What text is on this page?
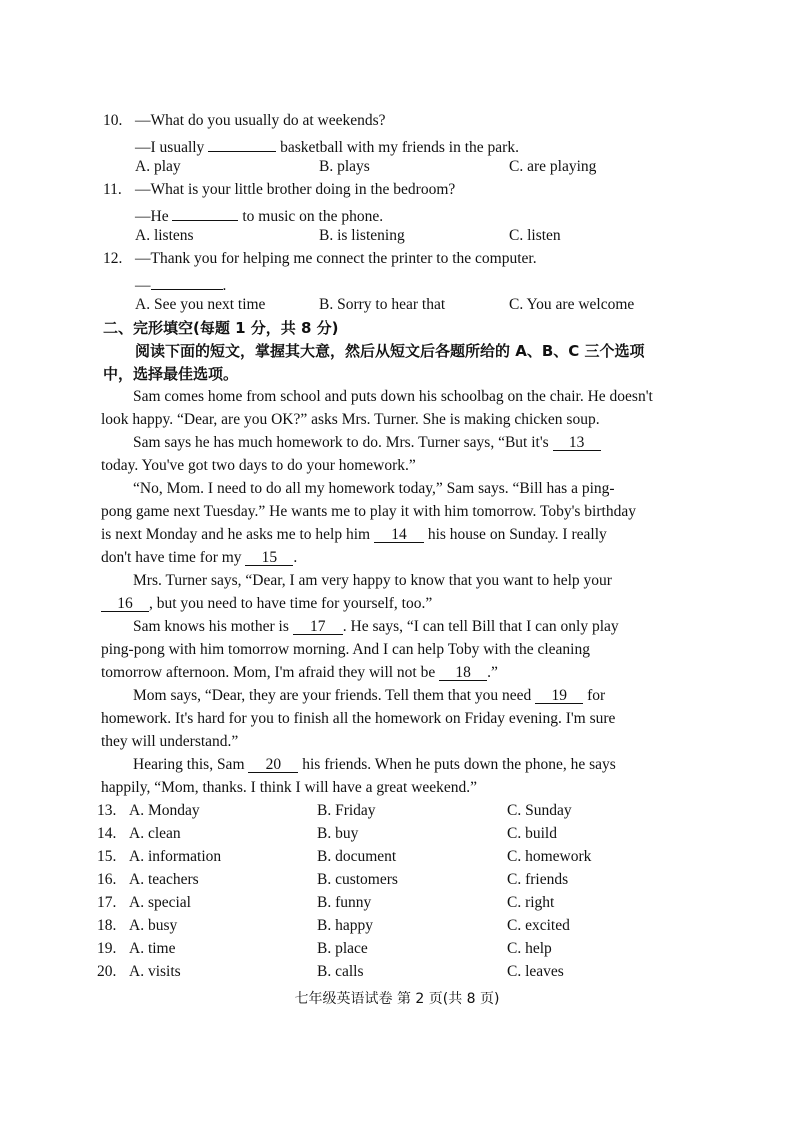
10. —What do you usually do at weekends?
—I usually	basketball with my friends in the park.
A. play	B. plays	C. are playing
11. —What is your little brother doing in the bedroom?
—He	to music on the phone.
A. listens	B. is listening	C. listen
12. —Thank you for helping me connect the printer to the computer.
—	.
A. See you next time	B. Sorry to hear that	C. You are welcome
二、完形填空(每题 1 分，共 8 分)
阅读下面的短文，掌握其大意，然后从短文后各题所给的 A、B、C 三个选项
中，选择最佳选项。
Sam comes home from school and puts down his schoolbag on the chair. He doesn't
look happy. “Dear, are you OK?” asks Mrs. Turner. She is making chicken soup.
Sam says he has much homework to do. Mrs. Turner says, “But it's 13
today. You've got two days to do your homework.”
“No, Mom. I need to do all my homework today,” Sam says. “Bill has a ping-
pong game next Tuesday.” He wants me to play it with him tomorrow. Toby's birthday
is next Monday and he asks me to help him 14 his house on Sunday. I really
don't have time for my 15 .
Mrs. Turner says, “Dear, I am very happy to know that you want to help your
16 , but you need to have time for yourself, too.”
Sam knows his mother is 17 . He says, “I can tell Bill that I can only play
ping-pong with him tomorrow morning. And I can help Toby with the cleaning
tomorrow afternoon. Mom, I'm afraid they will not be 18 .”
Mom says, “Dear, they are your friends. Tell them that you need 19 for
homework. It's hard for you to finish all the homework on Friday evening. I'm sure
they will understand.”
Hearing this, Sam 20 his friends. When he puts down the phone, he says
happily, “Mom, thanks. I think I will have a great weekend.”
13. A. Monday	B. Friday	C. Sunday
14. A. clean	B. buy	C. build
15. A. information	B. document	C. homework
16. A. teachers	B. customers	C. friends
17. A. special	B. funny	C. right
18. A. busy	B. happy	C. excited
19. A. time	B. place	C. help
20. A. visits	B. calls	C. leaves
七年级英语试卷 第 2 页(共 8 页)
